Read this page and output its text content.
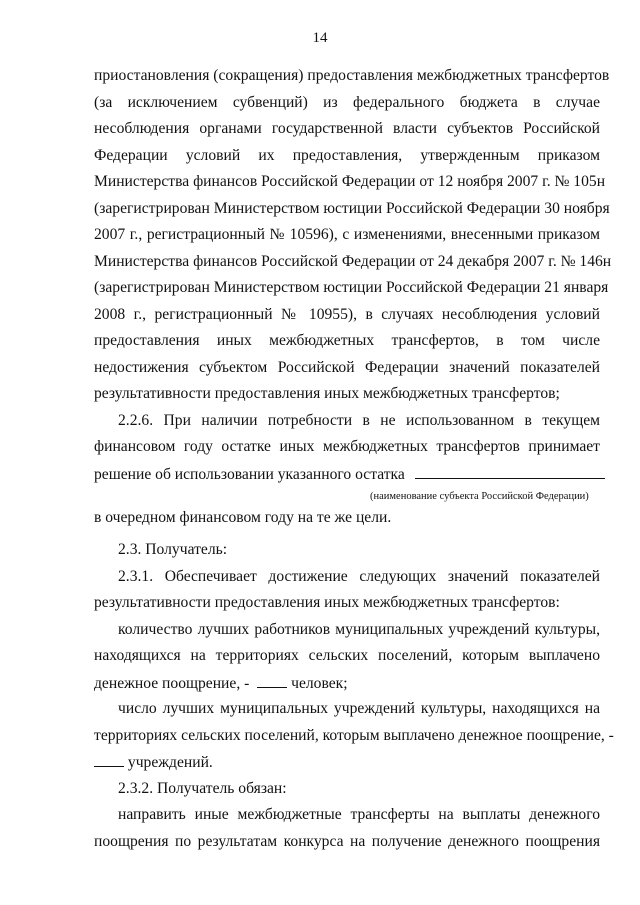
14
приостановления (сокращения) предоставления межбюджетных трансфертов
(за исключением субвенций) из федерального бюджета в случае
несоблюдения органами государственной власти субъектов Российской
Федерации условий их предоставления, утвержденным приказом
Министерства финансов Российской Федерации от 12 ноября 2007 г. № 105н
(зарегистрирован Министерством юстиции Российской Федерации 30 ноября
2007 г., регистрационный № 10596), с изменениями, внесенными приказом
Министерства финансов Российской Федерации от 24 декабря 2007 г. № 146н
(зарегистрирован Министерством юстиции Российской Федерации 21 января
2008 г., регистрационный № 10955), в случаях несоблюдения условий
предоставления иных межбюджетных трансфертов, в том числе
недостижения субъектом Российской Федерации значений показателей
результативности предоставления иных межбюджетных трансфертов;
2.2.6. При наличии потребности в не использованном в текущем
финансовом году остатке иных межбюджетных трансфертов принимает
решение об использовании указанного остатка
(наименование субъекта Российской Федерации)
в очередном финансовом году на те же цели.
2.3. Получатель:
2.3.1. Обеспечивает достижение следующих значений показателей
результативности предоставления иных межбюджетных трансфертов:
количество лучших работников муниципальных учреждений культуры,
находящихся на территориях сельских поселений, которым выплачено
денежное поощрение, -	человек;
число лучших муниципальных учреждений культуры, находящихся на
территориях сельских поселений, которым выплачено денежное поощрение, -
учреждений.
2.3.2. Получатель обязан:
направить иные межбюджетные трансферты на выплаты денежного
поощрения по результатам конкурса на получение денежного поощрения
